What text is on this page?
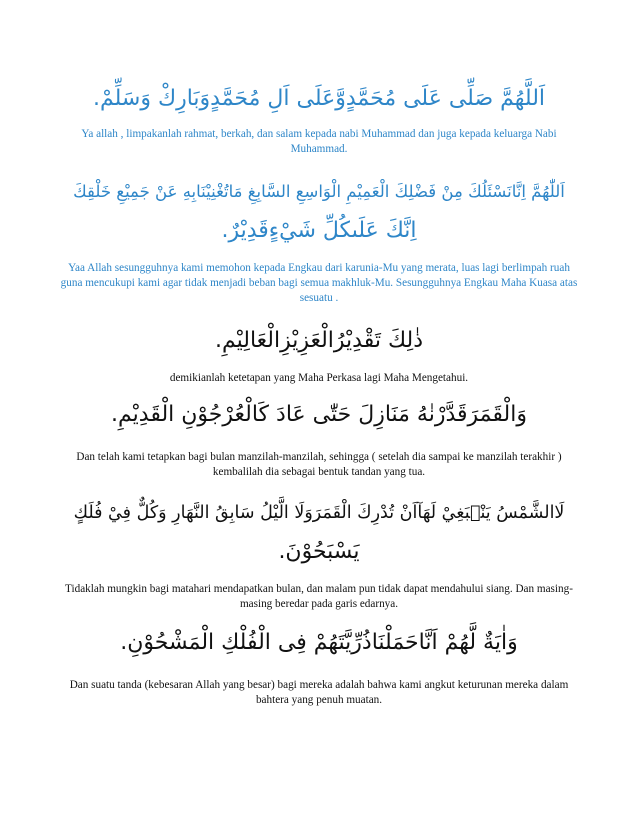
اَللَّهُمَّ صَلِّى عَلَى مُحَمَّدٍوَّعَلَى اَلِ مُحَمَّدٍوَبَارِكْ وَسَلِّمْ.
Ya allah , limpakanlah rahmat, berkah, dan salam kepada nabi Muhammad dan juga kepada keluarga Nabi Muhammad.
اَللّٰهُمَّ اِنَّانَسْئَلُكَ مِنْ فَضْلِكَ الْعَمِيْمِ الْوَاسِعِ السَّابِغِ مَاتُغْنِيْنَابِهِ عَنْ جَمِيْعِ خَلْقِكَ
اِنَّكَ عَلَىكُلِّ شَيْءٍقَدِيْرٌ.
Yaa Allah sesungguhnya kami memohon kepada Engkau dari karunia-Mu yang merata, luas lagi berlimpah ruah guna mencukupi kami agar tidak menjadi beban bagi semua makhluk-Mu. Sesungguhnya Engkau Maha Kuasa atas sesuatu .
ذٰلِكَ تَقْدِيْرُالْعَزِيْزِالْعَالِيْمِ.
demikianlah ketetapan yang Maha Perkasa lagi Maha Mengetahui.
وَالْقَمَرَقَدَّرْنٰهُ مَنَازِلَ حَتّٰى عَادَ كَالْعُرْجُوْنِ الْقَدِيْمِ.
Dan telah kami tetapkan bagi bulan manzilah-manzilah, sehingga ( setelah dia sampai ke manzilah terakhir ) kembalilah dia sebagai bentuk tandan yang tua.
لَاالشَّمْسُ يَنْۢبَغِيْ لَهَآاَنْ تُدْرِكَ الْقَمَرَوَلَا الَّيْلُ سَابِقُ النَّهَارِ وَكُلٌّ فِيْ فُلَكٍ
يَسْبَحُوْنَ.
Tidaklah mungkin bagi matahari mendapatkan bulan, dan malam pun tidak dapat mendahului siang. Dan masing-masing beredar pada garis edarnya.
وَاٰيَةٌ لَّهُمْ اَنَّاحَمَلْنَاذُرِّيَّتَهُمْ فِى الْفُلْكِ الْمَشْحُوْنِ.
Dan suatu tanda (kebesaran Allah yang besar) bagi mereka adalah bahwa kami angkut keturunan mereka dalam bahtera yang penuh muatan.
